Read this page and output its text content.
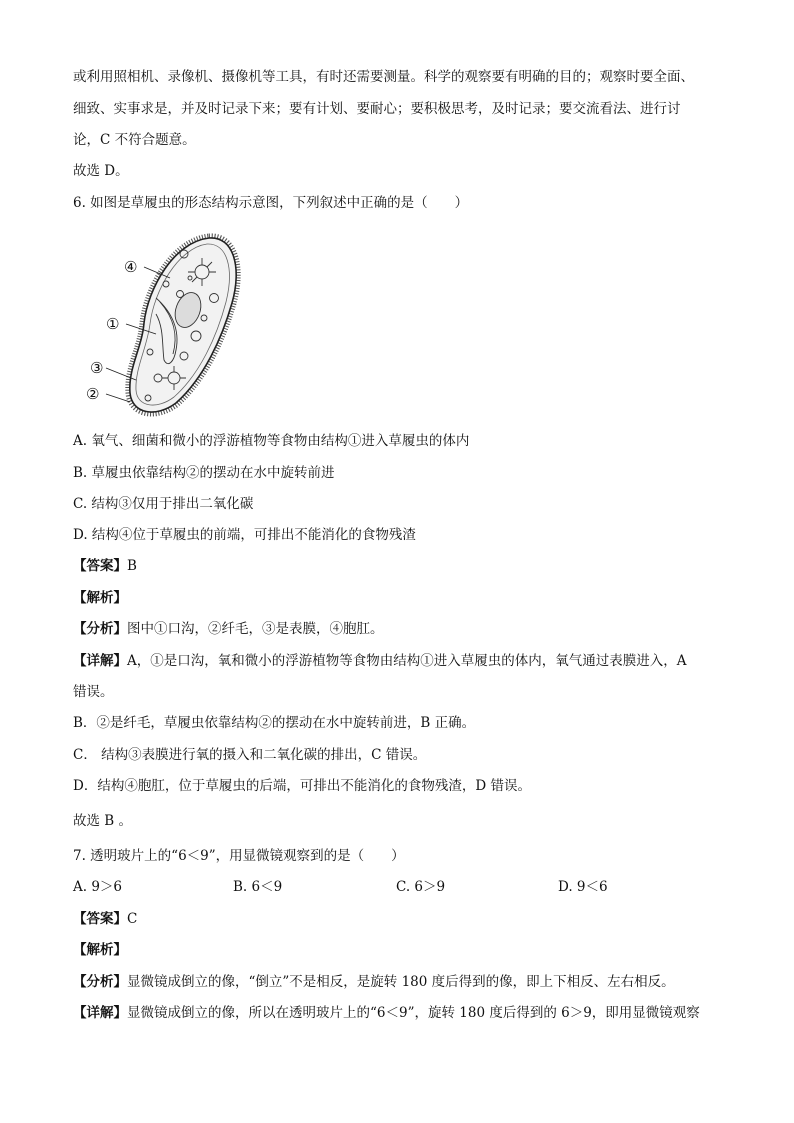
或利用照相机、录像机、摄像机等工具，有时还需要测量。科学的观察要有明确的目的；观察时要全面、
细致、实事求是，并及时记录下来；要有计划、要耐心；要积极思考，及时记录；要交流看法、进行讨
论，C 不符合题意。
故选 D。
6. 如图是草履虫的形态结构示意图，下列叙述中正确的是（　　）
④
①
③
②
A. 氧气、细菌和微小的浮游植物等食物由结构①进入草履虫的体内
B. 草履虫依靠结构②的摆动在水中旋转前进
C. 结构③仅用于排出二氧化碳
D. 结构④位于草履虫的前端，可排出不能消化的食物残渣
【答案】B
【解析】
【分析】图中①口沟，②纤毛，③是表膜，④胞肛。
【详解】A，①是口沟，氧和微小的浮游植物等食物由结构①进入草履虫的体内，氧气通过表膜进入，A
错误。
B．②是纤毛，草履虫依靠结构②的摆动在水中旋转前进，B 正确。
C． 结构③表膜进行氧的摄入和二氧化碳的排出，C 错误。
D．结构④胞肛，位于草履虫的后端，可排出不能消化的食物残渣，D 错误。
故选 B 。
7. 透明玻片上的“6＜9”，用显微镜观察到的是（　　）
A. 9＞6	B. 6＜9	C. 6＞9	D. 9＜6
【答案】C
【解析】
【分析】显微镜成倒立的像，“倒立”不是相反，是旋转 180 度后得到的像，即上下相反、左右相反。
【详解】显微镜成倒立的像，所以在透明玻片上的“6＜9”，旋转 180 度后得到的 6＞9，即用显微镜观察
